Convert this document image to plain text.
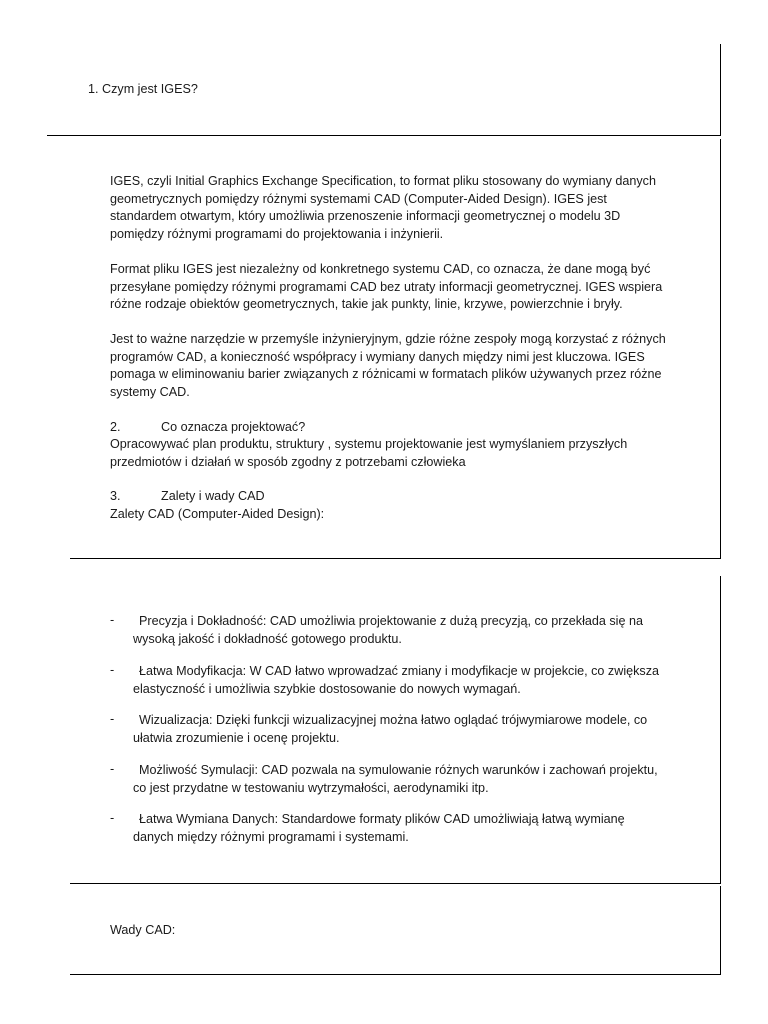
1. Czym jest IGES?
IGES, czyli Initial Graphics Exchange Specification, to format pliku stosowany do wymiany danych
geometrycznych pomiędzy różnymi systemami CAD (Computer-Aided Design). IGES jest
standardem otwartym, który umożliwia przenoszenie informacji geometrycznej o modelu 3D
pomiędzy różnymi programami do projektowania i inżynierii.
Format pliku IGES jest niezależny od konkretnego systemu CAD, co oznacza, że dane mogą być
przesyłane pomiędzy różnymi programami CAD bez utraty informacji geometrycznej. IGES wspiera
różne rodzaje obiektów geometrycznych, takie jak punkty, linie, krzywe, powierzchnie i bryły.
Jest to ważne narzędzie w przemyśle inżynieryjnym, gdzie różne zespoły mogą korzystać z różnych
programów CAD, a konieczność współpracy i wymiany danych między nimi jest kluczowa. IGES
pomaga w eliminowaniu barier związanych z różnicami w formatach plików używanych przez różne
systemy CAD.
2.	Co oznacza projektować?
Opracowywać plan produktu, struktury , systemu projektowanie jest wymyślaniem przyszłych
przedmiotów i działań w sposób zgodny z potrzebami człowieka
3.	Zalety i wady CAD
Zalety CAD (Computer-Aided Design):
-	Precyzja i Dokładność: CAD umożliwia projektowanie z dużą precyzją, co przekłada się na
wysoką jakość i dokładność gotowego produktu.
-	Łatwa Modyfikacja: W CAD łatwo wprowadzać zmiany i modyfikacje w projekcie, co zwiększa
elastyczność i umożliwia szybkie dostosowanie do nowych wymagań.
-	Wizualizacja: Dzięki funkcji wizualizacyjnej można łatwo oglądać trójwymiarowe modele, co
ułatwia zrozumienie i ocenę projektu.
-	Możliwość Symulacji: CAD pozwala na symulowanie różnych warunków i zachowań projektu,
co jest przydatne w testowaniu wytrzymałości, aerodynamiki itp.
-	Łatwa Wymiana Danych: Standardowe formaty plików CAD umożliwiają łatwą wymianę
danych między różnymi programami i systemami.
Wady CAD:
